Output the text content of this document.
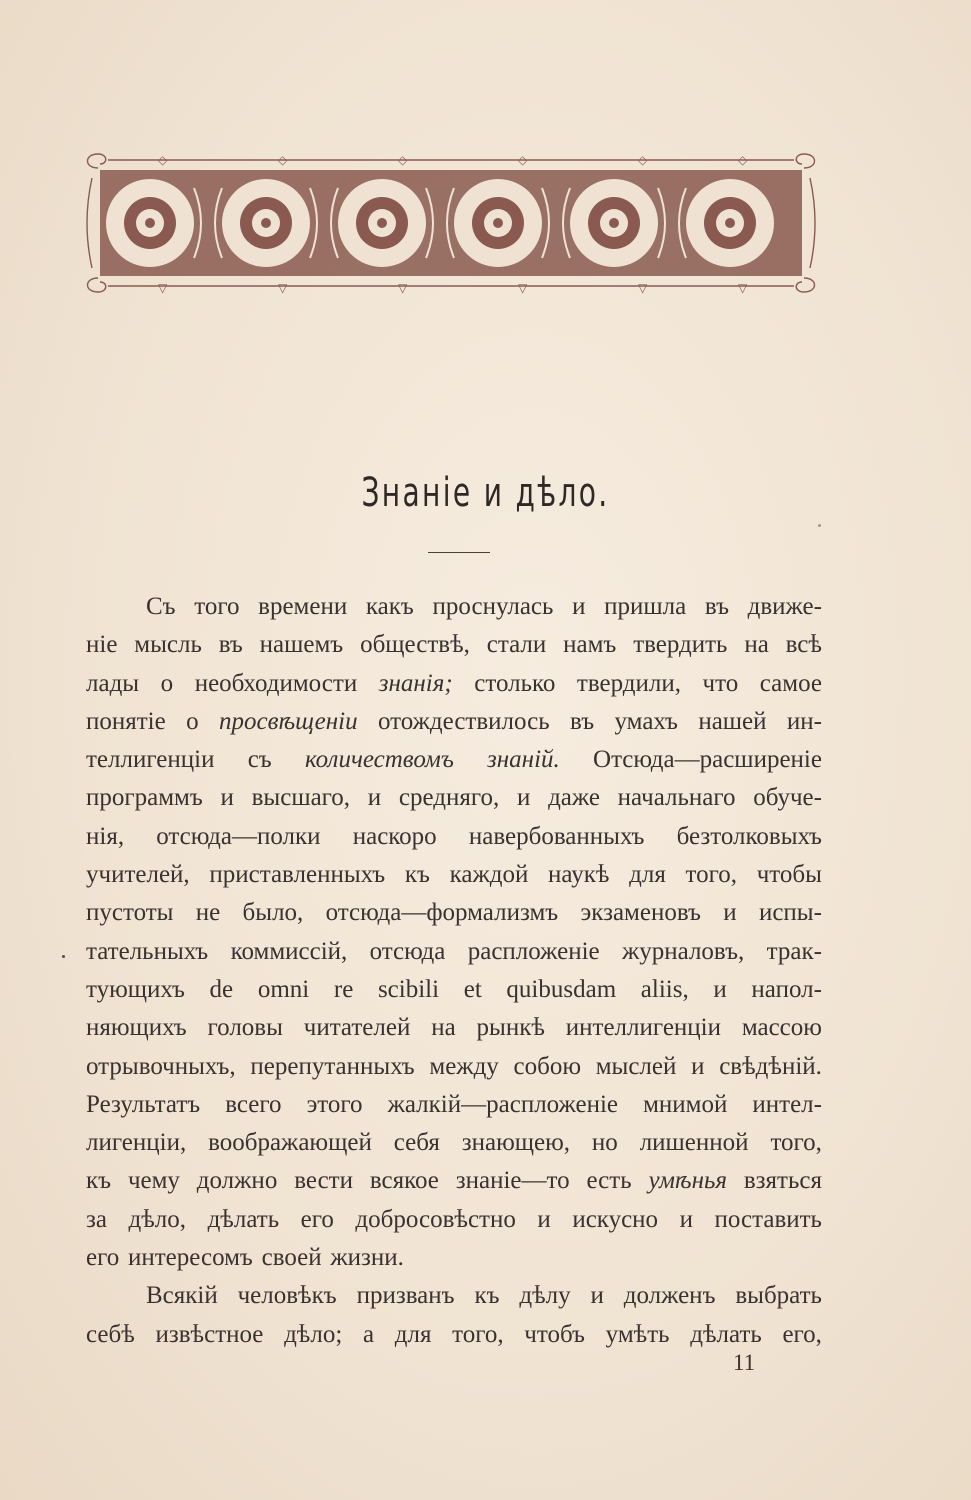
◇	◇	◇	◇	◇	◇
▽	▽	▽	▽	▽	▽
Знаніе и дѣло.
Съ того времени какъ проснулась и пришла въ движе-
ніе мысль въ нашемъ обществѣ, стали намъ твердить на всѣ
лады о необходимости знанія; столько твердили, что самое
понятіе о просвѣщеніи отождествилось въ умахъ нашей ин-
теллигенціи съ количествомъ знаній. Отсюда—расширеніе
программъ и высшаго, и средняго, и даже начальнаго обуче-
нія, отсюда—полки наскоро навербованныхъ безтолковыхъ
учителей, приставленныхъ къ каждой наукѣ для того, чтобы
пустоты не было, отсюда—формализмъ экзаменовъ и испы-
тательныхъ коммиссій, отсюда распложеніе журналовъ, трак-
тующихъ de omni re scibili et quibusdam aliis, и напол-
няющихъ головы читателей на рынкѣ интеллигенціи массою
отрывочныхъ, перепутанныхъ между собою мыслей и свѣдѣній.
Результатъ всего этого жалкій—распложеніе мнимой интел-
лигенціи, воображающей себя знающею, но лишенной того,
къ чему должно вести всякое знаніе—то есть умѣнья взяться
за дѣло, дѣлать его добросовѣстно и искусно и поставить
его интересомъ своей жизни.
Всякій человѣкъ призванъ къ дѣлу и долженъ выбрать
себѣ извѣстное дѣло; а для того, чтобъ умѣть дѣлать его,
11
